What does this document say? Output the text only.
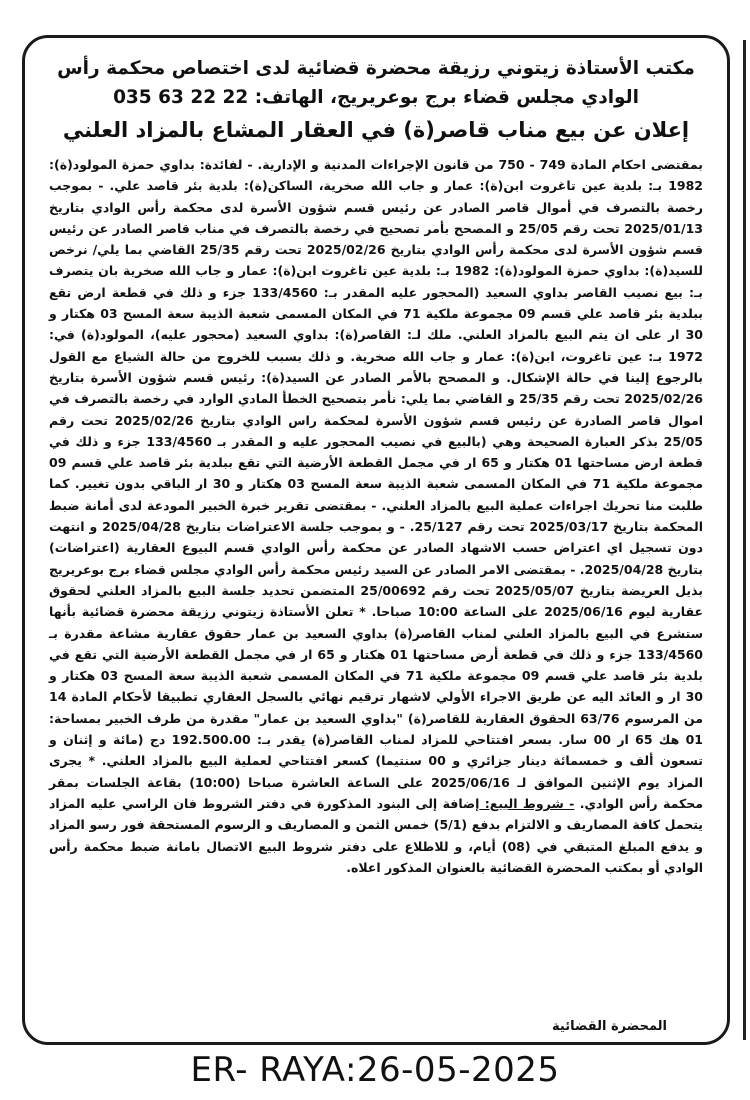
مكتب الأستاذة زيتوني رزيقة محضرة قضائية لدى اختصاص محكمة رأس

الوادي مجلس قضاء برج بوعريريج، الهاتف: 22 22 63 035

إعلان عن بيع مناب قاصر(ة) في العقار المشاع بالمزاد العلني

بمقتضى احكام المادة 749 - 750 من قانون الإجراءات المدنية و الإدارية. - لفائدة: بداوي حمزة المولود(ة): 1982 بـ: بلدية عين تاغروت ابن(ة): عمار و جاب الله صخرية، الساكن(ة): بلدية بئر قاصد علي. - بموجب رخصة بالتصرف في أموال قاصر الصادر عن رئيس قسم شؤون الأسرة لدى محكمة رأس الوادي بتاريخ 2025/01/13 تحت رقم 25/05 و المصحح بأمر تصحيح في رخصة بالتصرف في مناب قاصر الصادر عن رئيس قسم شؤون الأسرة لدى محكمة رأس الوادي بتاريخ 2025/02/26 تحت رقم 25/35 القاضي بما يلي/ نرخص للسيد(ة): بداوي حمزة المولود(ة): 1982 بـ: بلدية عين تاغروت ابن(ة): عمار و جاب الله صخرية بان يتصرف بـ: بيع نصيب القاصر بداوي السعيد (المحجور عليه المقدر بـ: 133/4560 جزء و ذلك في قطعة ارض تقع ببلدية بئر قاصد علي قسم 09 مجموعة ملكية 71 في المكان المسمى شعبة الذيبة سعة المسح 03 هكتار و 30 ار على ان يتم البيع بالمزاد العلني. ملك لـ: القاصر(ة): بداوي السعيد (محجور عليه)، المولود(ة) في: 1972 بـ: عين تاغروت، ابن(ة): عمار و جاب الله صخرية. و ذلك بسبب للخروج من حالة الشياع مع القول بالرجوع إلينا في حالة الإشكال. و المصحح بالأمر الصادر عن السيد(ة): رئيس قسم شؤون الأسرة بتاريخ 2025/02/26 تحت رقم 25/35 و القاضي بما يلي: نأمر بتصحيح الخطأ المادي الوارد في رخصة بالتصرف في اموال قاصر الصادرة عن رئيس قسم شؤون الأسرة لمحكمة راس الوادي بتاريخ 2025/02/26 تحت رقم 25/05 بذكر العبارة الصحيحة وهي (بالبيع في نصيب المحجور عليه و المقدر بـ 133/4560 جزء و ذلك في قطعة ارض مساحتها 01 هكتار و 65 ار في مجمل القطعة الأرضية التي تقع ببلدية بئر قاصد علي قسم 09 مجموعة ملكية 71 في المكان المسمى شعبة الذيبة سعة المسح 03 هكتار و 30 ار الباقي بدون تغيير. كما طلبت منا تحريك اجراءات عملية البيع بالمزاد العلني. - بمقتضى تقرير خبرة الخبير المودعة لدى أمانة ضبط المحكمة بتاريخ 2025/03/17 تحت رقم 25/127. - و بموجب جلسة الاعتراضات بتاريخ 2025/04/28 و انتهت دون تسجيل اي اعتراض حسب الاشهاد الصادر عن محكمة رأس الوادي قسم البيوع العقارية (اعتراضات) بتاريخ 2025/04/28. - بمقتضى الامر الصادر عن السيد رئيس محكمة رأس الوادي مجلس قضاء برج بوعريريج بذيل العريضة بتاريخ 2025/05/07 تحت رقم 25/00692 المتضمن تحديد جلسة البيع بالمزاد العلني لحقوق عقارية ليوم 2025/06/16 على الساعة 10:00 صباحا. * تعلن الأستاذة زيتوني رزيقة محضرة قضائية بأنها ستشرع في البيع بالمزاد العلني لمناب القاصر(ة) بداوي السعيد بن عمار حقوق عقارية مشاعة مقدرة بـ 133/4560 جزء و ذلك في قطعة أرض مساحتها 01 هكتار و 65 ار في مجمل القطعة الأرضية التي تقع في بلدية بئر قاصد علي قسم 09 مجموعة ملكية 71 في المكان المسمى شعبة الذيبة سعة المسح 03 هكتار و 30 ار و العائد اليه عن طريق الاجراء الأولي لاشهار ترقيم نهائي بالسجل العقاري تطبيقا لأحكام المادة 14 من المرسوم 63/76 الحقوق العقارية للقاصر(ة) "بداوي السعيد بن عمار" مقدرة من طرف الخبير بمساحة: 01 هك 65 ار 00 سار. بسعر افتتاحي للمزاد لمناب القاصر(ة) يقدر بـ: 192.500.00 دج (مائة و إثنان و تسعون ألف و خمسمائة دينار جزائري و 00 سنتيما) كسعر افتتاحي لعملية البيع بالمزاد العلني. * يجرى المزاد يوم الإثنين الموافق لـ 2025/06/16 على الساعة العاشرة صباحا (10:00) بقاعة الجلسات بمقر محكمة رأس الوادي. - شروط البيع: إضافة إلى البنود المذكورة في دفتر الشروط فان الراسي عليه المزاد يتحمل كافة المصاريف و الالتزام بدفع (5/1) خمس الثمن و المصاريف و الرسوم المستحقة فور رسو المزاد و يدفع المبلغ المتبقي في (08) أيام، و للاطلاع على دفتر شروط البيع الاتصال بامانة ضبط محكمة رأس الوادي أو بمكتب المحضرة القضائية بالعنوان المذكور اعلاه.

المحضرة القضائية
ER- RAYA:26-05-2025
